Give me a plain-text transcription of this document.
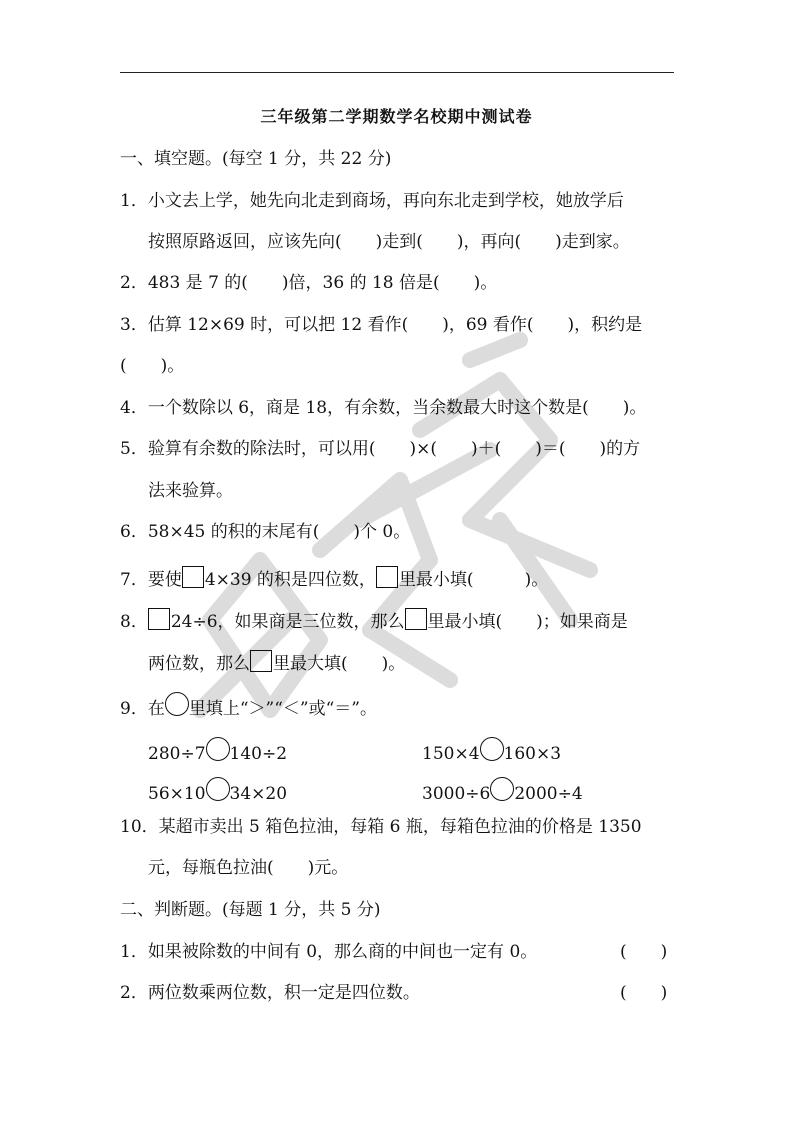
三年级第二学期数学名校期中测试卷
一、填空题。(每空 1 分，共 22 分)
1．小文去上学，她先向北走到商场，再向东北走到学校，她放学后
按照原路返回，应该先向(　　)走到(　　)，再向(　　)走到家。
2．483 是 7 的(　　)倍，36 的 18 倍是(　　)。
3．估算 12×69 时，可以把 12 看作(　　)，69 看作(　　)，积约是
(　　)。
4．一个数除以 6，商是 18，有余数，当余数最大时这个数是(　　)。
5．验算有余数的除法时，可以用(　　)×(　　)＋(　　)＝(　　)的方
法来验算。
6．58×45 的积的末尾有(　　)个 0。
7．要使 4×39 的积是四位数， 里最小填(　　　)。
8． 24÷6，如果商是三位数，那么 里最小填(　　)；如果商是
两位数，那么 里最大填(　　)。
9．在 里填上“＞”“＜”或“＝”。
280÷7 140÷2	150×4 160×3
56×10 34×20	3000÷6 2000÷4
10．某超市卖出 5 箱色拉油，每箱 6 瓶，每箱色拉油的价格是 1350
元，每瓶色拉油(　　)元。
二、判断题。(每题 1 分，共 5 分)
1．如果被除数的中间有 0，那么商的中间也一定有 0。	(　　)
2．两位数乘两位数，积一定是四位数。	(　　)
